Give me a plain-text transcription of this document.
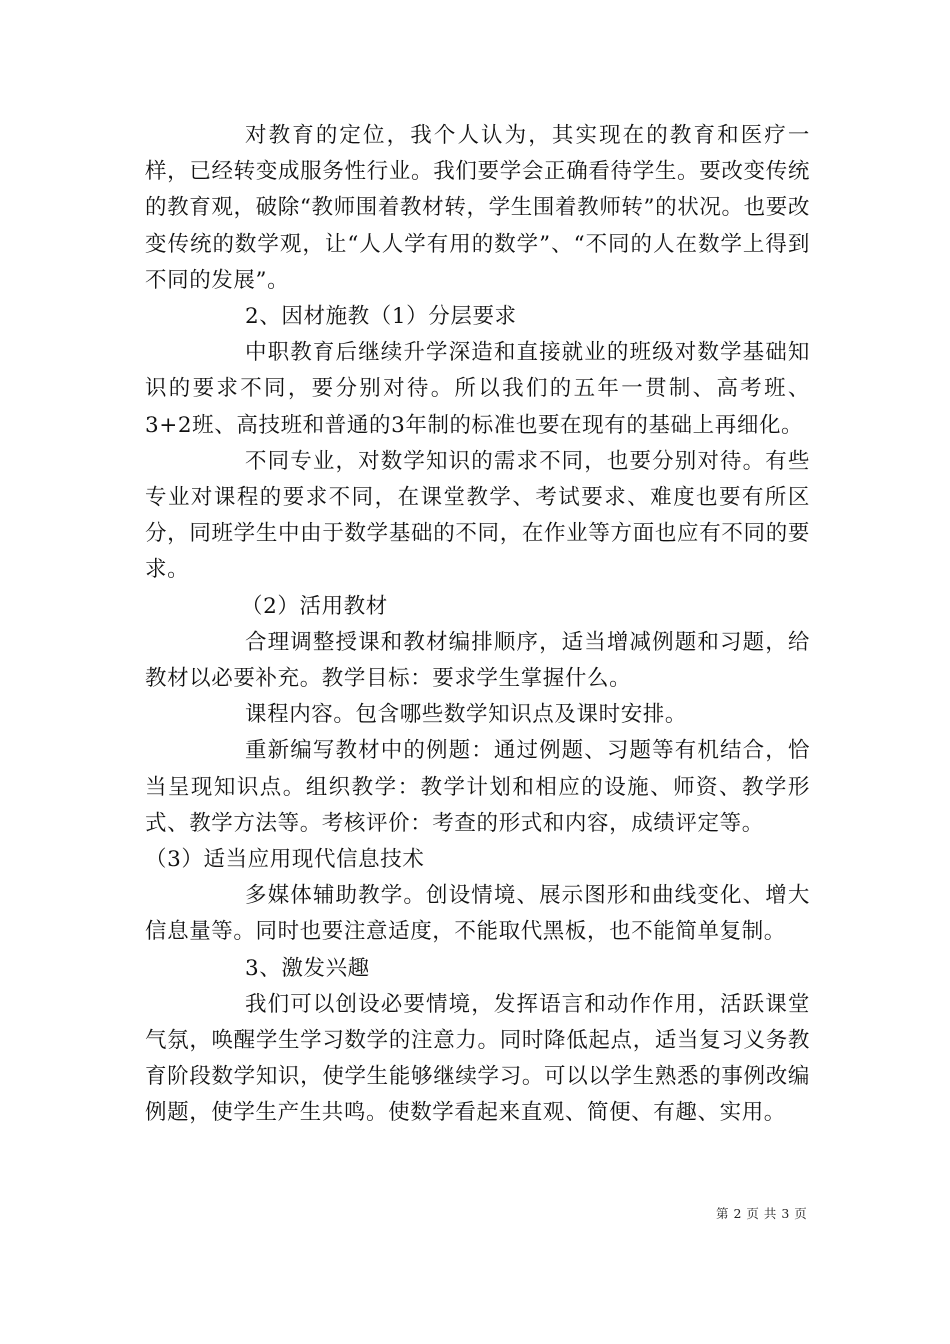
对教育的定位，我个人认为，其实现在的教育和医疗一样，已经转变成服务性行业。我们要学会正确看待学生。要改变传统的教育观，破除“教师围着教材转，学生围着教师转”的状况。也要改变传统的数学观，让“人人学有用的数学”、“不同的人在数学上得到不同的发展”。

2、因材施教（1）分层要求

中职教育后继续升学深造和直接就业的班级对数学基础知识的要求不同，要分别对待。所以我们的五年一贯制、高考班、3+2班、高技班和普通的3年制的标准也要在现有的基础上再细化。

不同专业，对数学知识的需求不同，也要分别对待。有些专业对课程的要求不同，在课堂教学、考试要求、难度也要有所区分，同班学生中由于数学基础的不同，在作业等方面也应有不同的要求。

（2）活用教材

合理调整授课和教材编排顺序，适当增减例题和习题，给教材以必要补充。教学目标：要求学生掌握什么。

课程内容。包含哪些数学知识点及课时安排。

重新编写教材中的例题：通过例题、习题等有机结合，恰当呈现知识点。组织教学：教学计划和相应的设施、师资、教学形式、教学方法等。考核评价：考查的形式和内容，成绩评定等。

（3）适当应用现代信息技术

多媒体辅助教学。创设情境、展示图形和曲线变化、增大信息量等。同时也要注意适度，不能取代黑板，也不能简单复制。

3、激发兴趣

我们可以创设必要情境，发挥语言和动作作用，活跃课堂气氛，唤醒学生学习数学的注意力。同时降低起点，适当复习义务教育阶段数学知识，使学生能够继续学习。可以以学生熟悉的事例改编例题，使学生产生共鸣。使数学看起来直观、简便、有趣、实用。

第 2 页 共 3 页
